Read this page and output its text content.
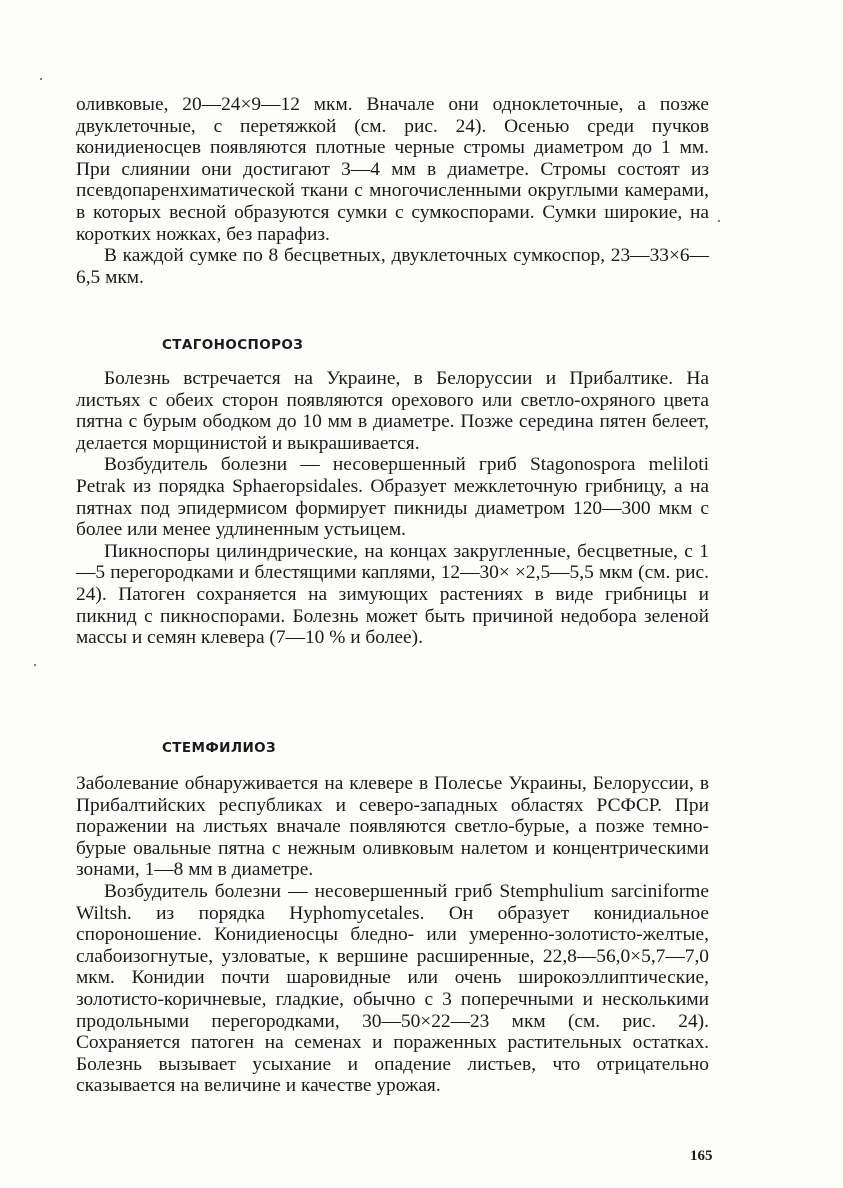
оливковые, 20—24×9—12 мкм. Вначале они одноклеточные, а позже двуклеточные, с перетяжкой (см. рис. 24). Осенью среди пучков конидиеносцев появляются плотные черные стромы диаметром до 1 мм. При слиянии они достигают 3—4 мм в диаметре. Стромы состоят из псевдопаренхиматической ткани с многочисленными округлыми камерами, в которых весной образуются сумки с сумкоспорами. Сумки широкие, на коротких ножках, без парафиз.

В каждой сумке по 8 бесцветных, двуклеточных сумкоспор, 23—33×6—6,5 мкм.

СТАГОНОСПОРОЗ

Болезнь встречается на Украине, в Белоруссии и Прибалтике. На листьях с обеих сторон появляются орехового или светло-охряного цвета пятна с бурым ободком до 10 мм в диаметре. Позже середина пятен белеет, делается морщинистой и выкрашивается.

Возбудитель болезни — несовершенный гриб Stagonospora meliloti Petrak из порядка Sphaeropsidales. Образует межклеточную грибницу, а на пятнах под эпидермисом формирует пикниды диаметром 120—300 мкм с более или менее удлиненным устьицем.

Пикноспоры цилиндрические, на концах закругленные, бесцветные, с 1—5 перегородками и блестящими каплями, 12—30× ×2,5—5,5 мкм (см. рис. 24). Патоген сохраняется на зимующих растениях в виде грибницы и пикнид с пикноспорами. Болезнь может быть причиной недобора зеленой массы и семян клевера (7—10 % и более).

СТЕМФИЛИОЗ

Заболевание обнаруживается на клевере в Полесье Украины, Белоруссии, в Прибалтийских республиках и северо-западных областях РСФСР. При поражении на листьях вначале появляются светло-бурые, а позже темно-бурые овальные пятна с нежным оливковым налетом и концентрическими зонами, 1—8 мм в диаметре.

Возбудитель болезни — несовершенный гриб Stemphulium sarciniforme Wiltsh. из порядка Hyphomycetales. Он образует конидиальное спороношение. Конидиеносцы бледно- или умеренно-золотисто-желтые, слабоизогнутые, узловатые, к вершине расширенные, 22,8—56,0×5,7—7,0 мкм. Конидии почти шаровидные или очень широкоэллиптические, золотисто-коричневые, гладкие, обычно с 3 поперечными и несколькими продольными перегородками, 30—50×22—23 мкм (см. рис. 24). Сохраняется патоген на семенах и пораженных растительных остатках. Болезнь вызывает усыхание и опадение листьев, что отрицательно сказывается на величине и качестве урожая.

165
